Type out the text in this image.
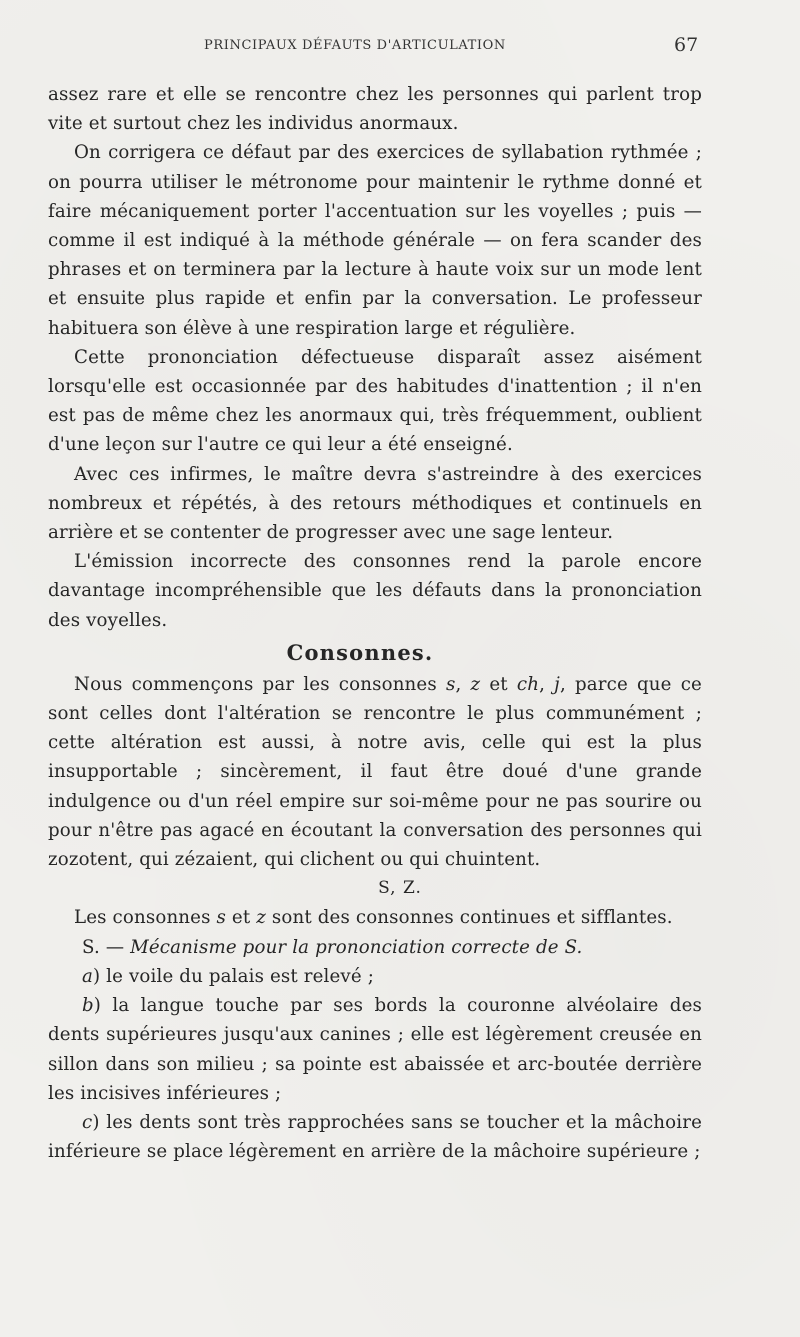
PRINCIPAUX DÉFAUTS D'ARTICULATION	67

assez rare et elle se rencontre chez les personnes qui parlent trop vite et surtout chez les individus anormaux.

On corrigera ce défaut par des exercices de syllabation rythmée ; on pourra utiliser le métronome pour maintenir le rythme donné et faire mécaniquement porter l'accentuation sur les voyelles ; puis — comme il est indiqué à la méthode générale — on fera scander des phrases et on terminera par la lecture à haute voix sur un mode lent et ensuite plus rapide et enfin par la conversation. Le professeur habituera son élève à une respiration large et régulière.

Cette prononciation défectueuse disparaît assez aisément lorsqu'elle est occasionnée par des habitudes d'inattention ; il n'en est pas de même chez les anormaux qui, très fréquemment, oublient d'une leçon sur l'autre ce qui leur a été enseigné.

Avec ces infirmes, le maître devra s'astreindre à des exercices nombreux et répétés, à des retours méthodiques et continuels en arrière et se contenter de progresser avec une sage lenteur.

L'émission incorrecte des consonnes rend la parole encore davantage incompréhensible que les défauts dans la prononciation des voyelles.

Consonnes.

Nous commençons par les consonnes s, z et ch, j, parce que ce sont celles dont l'altération se rencontre le plus communément ; cette altération est aussi, à notre avis, celle qui est la plus insupportable ; sincèrement, il faut être doué d'une grande indulgence ou d'un réel empire sur soi-même pour ne pas sourire ou pour n'être pas agacé en écoutant la conversation des personnes qui zozotent, qui zézaient, qui clichent ou qui chuintent.

S, Z.

Les consonnes s et z sont des consonnes continues et sifflantes.

S. — Mécanisme pour la prononciation correcte de S.

a) le voile du palais est relevé ;

b) la langue touche par ses bords la couronne alvéolaire des dents supérieures jusqu'aux canines ; elle est légèrement creusée en sillon dans son milieu ; sa pointe est abaissée et arc-boutée derrière les incisives inférieures ;

c) les dents sont très rapprochées sans se toucher et la mâchoire inférieure se place légèrement en arrière de la mâchoire supérieure ;
